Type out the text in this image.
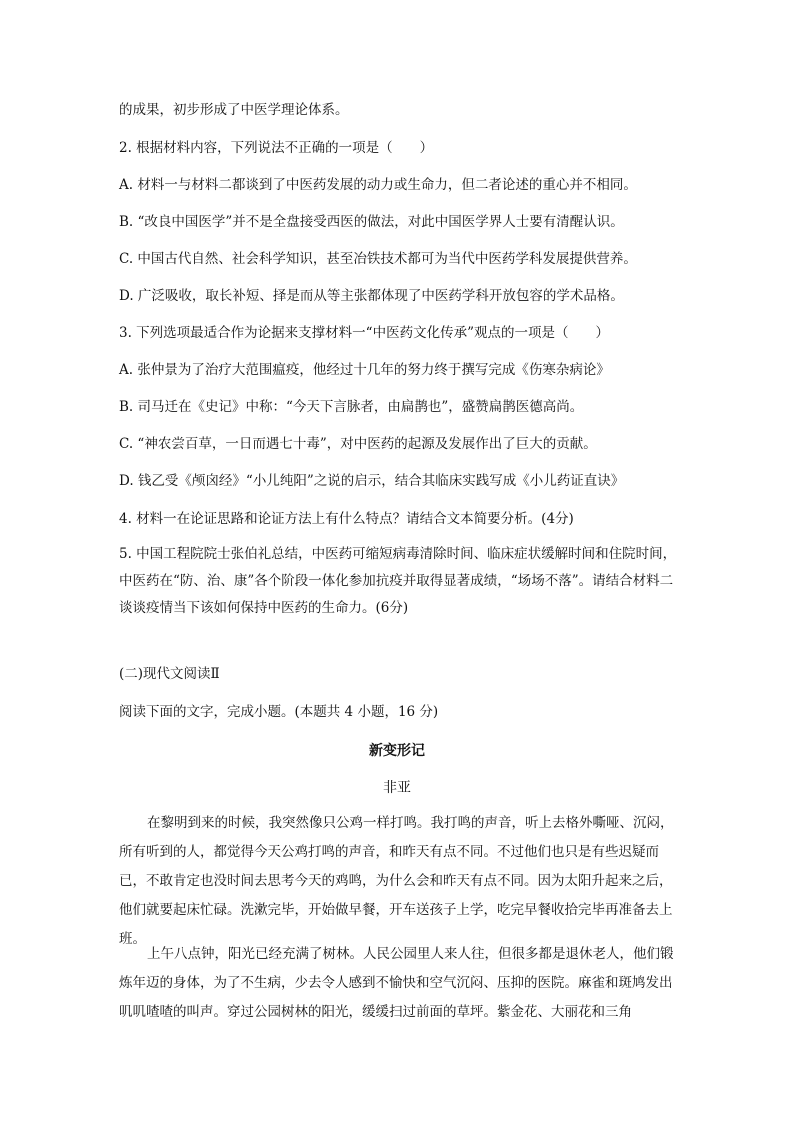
的成果，初步形成了中医学理论体系。
2. 根据材料内容，下列说法不正确的一项是（　　）
A. 材料一与材料二都谈到了中医药发展的动力或生命力，但二者论述的重心并不相同。
B. “改良中国医学”并不是全盘接受西医的做法，对此中国医学界人士要有清醒认识。
C. 中国古代自然、社会科学知识，甚至冶铁技术都可为当代中医药学科发展提供营养。
D. 广泛吸收，取长补短、择是而从等主张都体现了中医药学科开放包容的学术品格。
3. 下列选项最适合作为论据来支撑材料一“中医药文化传承”观点的一项是（　　）
A. 张仲景为了治疗大范围瘟疫，他经过十几年的努力终于撰写完成《伤寒杂病论》
B. 司马迁在《史记》中称：“今天下言脉者，由扁鹊也”，盛赞扁鹊医德高尚。
C. “神农尝百草，一日而遇七十毒”，对中医药的起源及发展作出了巨大的贡献。
D. 钱乙受《颅囟经》“小儿纯阳”之说的启示，结合其临床实践写成《小儿药证直诀》
4. 材料一在论证思路和论证方法上有什么特点？请结合文本简要分析。(4分)
5. 中国工程院院士张伯礼总结，中医药可缩短病毒清除时间、临床症状缓解时间和住院时间，中医药在“防、治、康”各个阶段一体化参加抗疫并取得显著成绩，“场场不落”。请结合材料二谈谈疫情当下该如何保持中医药的生命力。(6分)
(二)现代文阅读Ⅱ
阅读下面的文字，完成小题。(本题共 4 小题，16 分)
新变形记
非亚
在黎明到来的时候，我突然像只公鸡一样打鸣。我打鸣的声音，听上去格外嘶哑、沉闷，所有听到的人，都觉得今天公鸡打鸣的声音，和昨天有点不同。不过他们也只是有些迟疑而已，不敢肯定也没时间去思考今天的鸡鸣，为什么会和昨天有点不同。因为太阳升起来之后，他们就要起床忙碌。洗漱完毕，开始做早餐，开车送孩子上学，吃完早餐收拾完毕再准备去上班。
上午八点钟，阳光已经充满了树林。人民公园里人来人往，但很多都是退休老人，他们锻炼年迈的身体，为了不生病，少去令人感到不愉快和空气沉闷、压抑的医院。麻雀和斑鸠发出叽叽喳喳的叫声。穿过公园树林的阳光，缓缓扫过前面的草坪。紫金花、大丽花和三角
